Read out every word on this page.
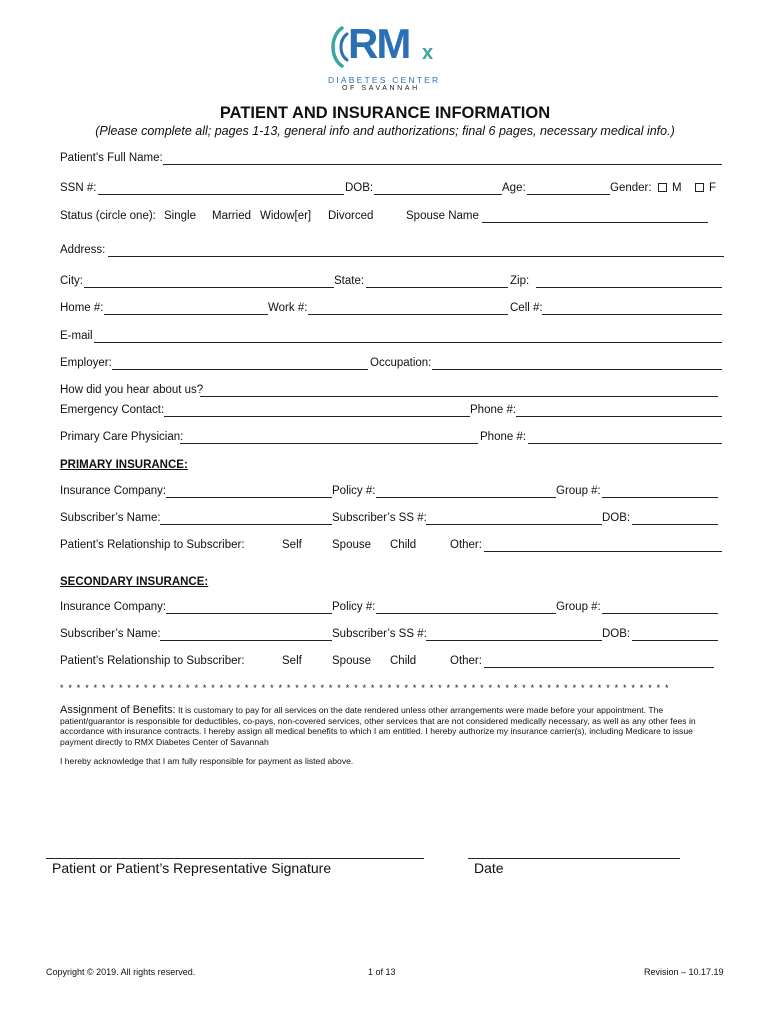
RM x
DIABETES CENTER
OF SAVANNAH
PATIENT AND INSURANCE INFORMATION
(Please complete all; pages 1-13, general info and authorizations; final 6 pages, necessary medical info.)
Patient’s Full Name:
SSN #:	DOB:	Age:	Gender:	M	F
Status (circle one): Single Married Widow[er] Divorced	Spouse Name
Address:
City:	State:	Zip:
Home #:	Work #:	Cell #:
E-mail
Employer:	Occupation:
How did you hear about us?
Emergency Contact:	Phone #:
Primary Care Physician:	Phone #:
PRIMARY INSURANCE:
Insurance Company:	Policy #:	Group #:
Subscriber’s Name:	Subscriber’s SS #:	DOB:
Patient’s Relationship to Subscriber:	Self	Spouse Child	Other:
SECONDARY INSURANCE:
Insurance Company:	Policy #:	Group #:
Subscriber’s Name:	Subscriber’s SS #:	DOB:
Patient’s Relationship to Subscriber:	Self	Spouse Child	Other:
* * * * * * * * * * * * * * * * * * * * * * * * * * * * * * * * * * * * * * * * * * * * * * * * * * * * * * * * * * * * * * * * * * * * * * * * *
Assignment of Benefits: It is customary to pay for all services on the date rendered unless other arrangements were made before your appointment. The patient/guarantor is responsible for deductibles, co-pays, non-covered services, other services that are not considered medically necessary, as well as any other fees in accordance with insurance contracts. I hereby assign all medical benefits to which I am entitled. I hereby authorize my insurance carrier(s), including Medicare to issue payment directly to RMX Diabetes Center of Savannah
I hereby acknowledge that I am fully responsible for payment as listed above.
Patient or Patient’s Representative Signature	Date
Copyright © 2019. All rights reserved.	1 of 13	Revision – 10.17.19
